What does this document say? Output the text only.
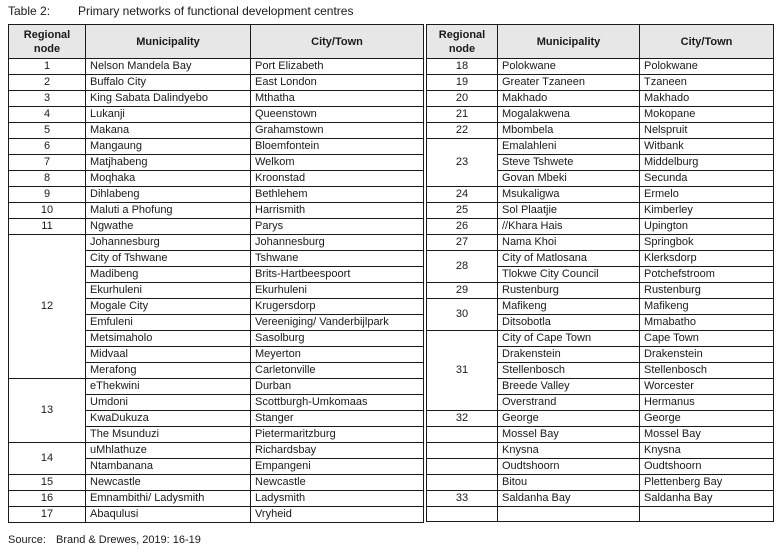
Table 2:	Primary networks of functional development centres
Regional node	Municipality	City/Town
1	Nelson Mandela Bay	Port Elizabeth
2	Buffalo City	East London
3	King Sabata Dalindyebo	Mthatha
4	Lukanji	Queenstown
5	Makana	Grahamstown
6	Mangaung	Bloemfontein
7	Matjhabeng	Welkom
8	Moqhaka	Kroonstad
9	Dihlabeng	Bethlehem
10	Maluti a Phofung	Harrismith
11	Ngwathe	Parys
12	Johannesburg	Johannesburg
	City of Tshwane	Tshwane
	Madibeng	Brits-Hartbeespoort
	Ekurhuleni	Ekurhuleni
	Mogale City	Krugersdorp
	Emfuleni	Vereeniging/ Vanderbijlpark
	Metsimaholo	Sasolburg
	Midvaal	Meyerton
	Merafong	Carletonville
13	eThekwini	Durban
	Umdoni	Scottburgh-Umkomaas
	KwaDukuza	Stanger
	The Msunduzi	Pietermaritzburg
14	uMhlathuze	Richardsbay
	Ntambanana	Empangeni
15	Newcastle	Newcastle
16	Emnambithi/ Ladysmith	Ladysmith
17	Abaqulusi	Vryheid
Regional node	Municipality	City/Town
18	Polokwane	Polokwane
19	Greater Tzaneen	Tzaneen
20	Makhado	Makhado
21	Mogalakwena	Mokopane
22	Mbombela	Nelspruit
23	Emalahleni	Witbank
	Steve Tshwete	Middelburg
	Govan Mbeki	Secunda
24	Msukaligwa	Ermelo
25	Sol Plaatjie	Kimberley
26	//Khara Hais	Upington
27	Nama Khoi	Springbok
28	City of Matlosana	Klerksdorp
	Tlokwe City Council	Potchefstroom
29	Rustenburg	Rustenburg
30	Mafikeng	Mafikeng
	Ditsobotla	Mmabatho
31	City of Cape Town	Cape Town
	Drakenstein	Drakenstein
	Stellenbosch	Stellenbosch
	Breede Valley	Worcester
	Overstrand	Hermanus
32	George	George
	Mossel Bay	Mossel Bay
	Knysna	Knysna
	Oudtshoorn	Oudtshoorn
	Bitou	Plettenberg Bay
33	Saldanha Bay	Saldanha Bay

Source: Brand & Drewes, 2019: 16-19
